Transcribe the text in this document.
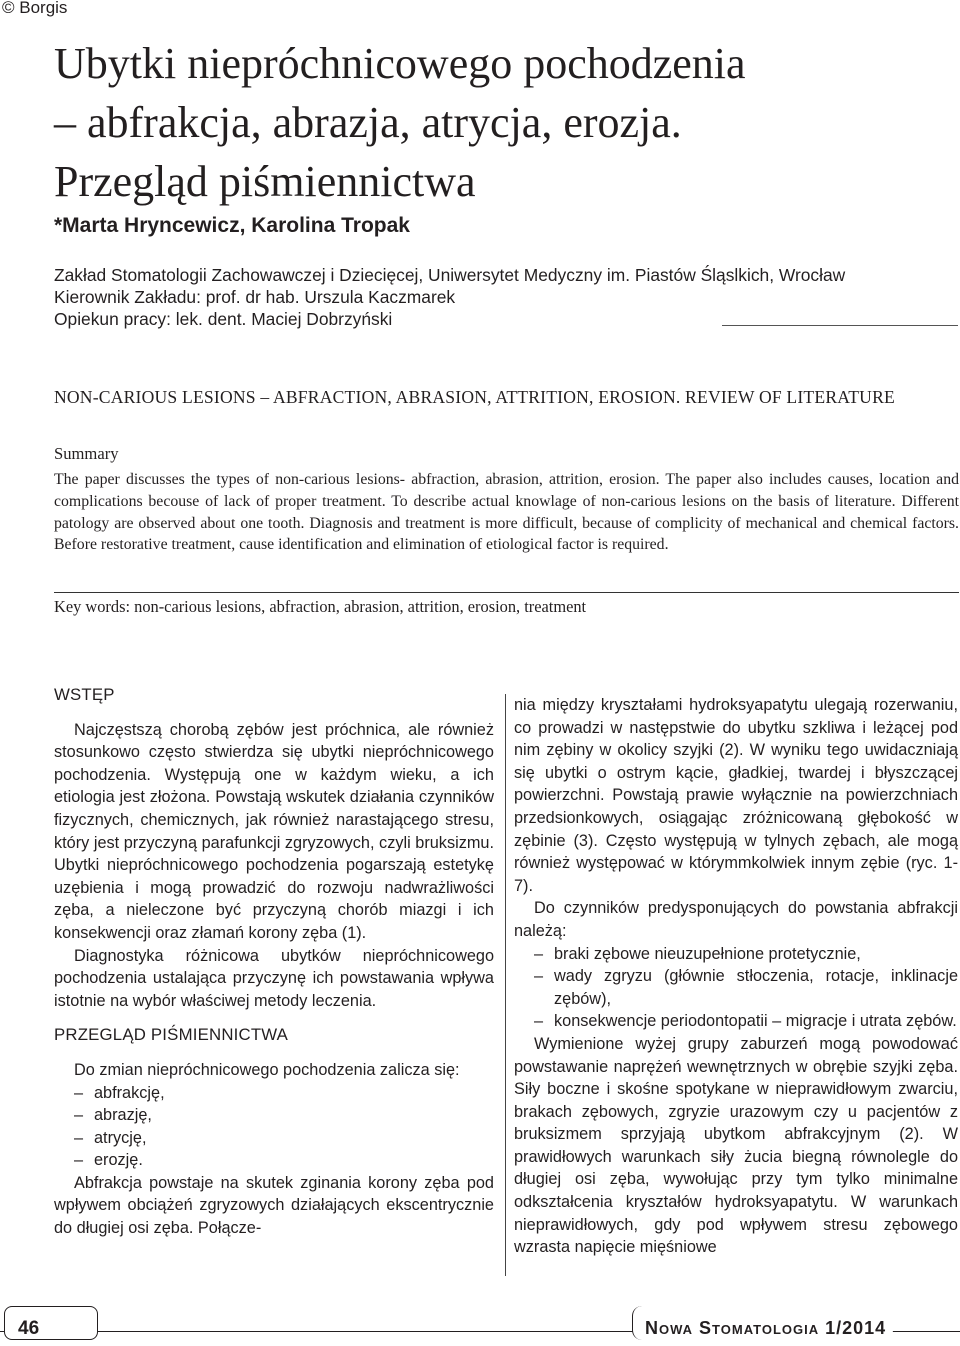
© Borgis
Ubytki niepróchnicowego pochodzenia
– abfrakcja, abrazja, atrycja, erozja.
Przegląd piśmiennictwa
*Marta Hryncewicz, Karolina Tropak
Zakład Stomatologii Zachowawczej i Dziecięcej, Uniwersytet Medyczny im. Piastów Śląslkich, Wrocław
Kierownik Zakładu: prof. dr hab. Urszula Kaczmarek
Opiekun pracy: lek. dent. Maciej Dobrzyński
NON-CARIOUS LESIONS – ABFRACTION, ABRASION, ATTRITION, EROSION. REVIEW OF LITERATURE
Summary
The paper discusses the types of non-carious lesions- abfraction, abrasion, attrition, erosion. The paper also includes causes, location and complications becouse of lack of proper treatment. To describe actual knowlage of non-carious lesions on the basis of literature. Different patology are observed about one tooth. Diagnosis and treatment is more difficult, because of complicity of mechanical and chemical factors. Before restorative treatment, cause identification and elimination of etiological factor is required.
Key words: non-carious lesions, abfraction, abrasion, attrition, erosion, treatment
WSTĘP

Najczęstszą chorobą zębów jest próchnica, ale również stosunkowo często stwierdza się ubytki niepróchnicowego pochodzenia. Występują one w każdym wieku, a ich etiologia jest złożona. Powstają wskutek działania czynników fizycznych, chemicznych, jak również narastającego stresu, który jest przyczyną parafunkcji zgryzowych, czyli bruksizmu. Ubytki niepróchnicowego pochodzenia pogarszają estetykę uzębienia i mogą prowadzić do rozwoju nadwrażliwości zęba, a nieleczone być przyczyną chorób miazgi i ich konsekwencji oraz złamań korony zęba (1).

Diagnostyka różnicowa ubytków niepróchnicowego pochodzenia ustalająca przyczynę ich powstawania wpływa istotnie na wybór właściwej metody leczenia.

PRZEGLĄD PIŚMIENNICTWA

Do zmian niepróchnicowego pochodzenia zalicza się:

– abfrakcję,
– abrazję,
– atrycję,
– erozję.

Abfrakcja powstaje na skutek zginania korony zęba pod wpływem obciążeń zgryzowych działających ekscentrycznie do długiej osi zęba. Połącze-

nia między kryształami hydroksyapatytu ulegają rozerwaniu, co prowadzi w następstwie do ubytku szkliwa i leżącej pod nim zębiny w okolicy szyjki (2). W wyniku tego uwidaczniają się ubytki o ostrym kącie, gładkiej, twardej i błyszczącej powierzchni. Powstają prawie wyłącznie na powierzchniach przedsionkowych, osiągając zróżnicowaną głębokość w zębinie (3). Często występują w tylnych zębach, ale mogą również występować w którymmkolwiek innym zębie (ryc. 1-7).

Do czynników predysponujących do powstania abfrakcji należą:

– braki zębowe nieuzupełnione protetycznie,
– wady zgryzu (głównie stłoczenia, rotacje, inklinacje zębów),
– konsekwencje periodontopatii – migracje i utrata zębów.

Wymienione wyżej grupy zaburzeń mogą powodować powstawanie naprężeń wewnętrznych w obrębie szyjki zęba. Siły boczne i skośne spotykane w nieprawidłowym zwarciu, brakach zębowych, zgryzie urazowym czy u pacjentów z bruksizmem sprzyjają ubytkom abfrakcyjnym (2). W prawidłowych warunkach siły żucia biegną równolegle do długiej osi zęba, wywołując przy tym tylko minimalne odkształcenia kryształów hydroksyapatytu. W warunkach nieprawidłowych, gdy pod wpływem stresu zębowego wzrasta napięcie mięśniowe

46	Nowa Stomatologia 1/2014
